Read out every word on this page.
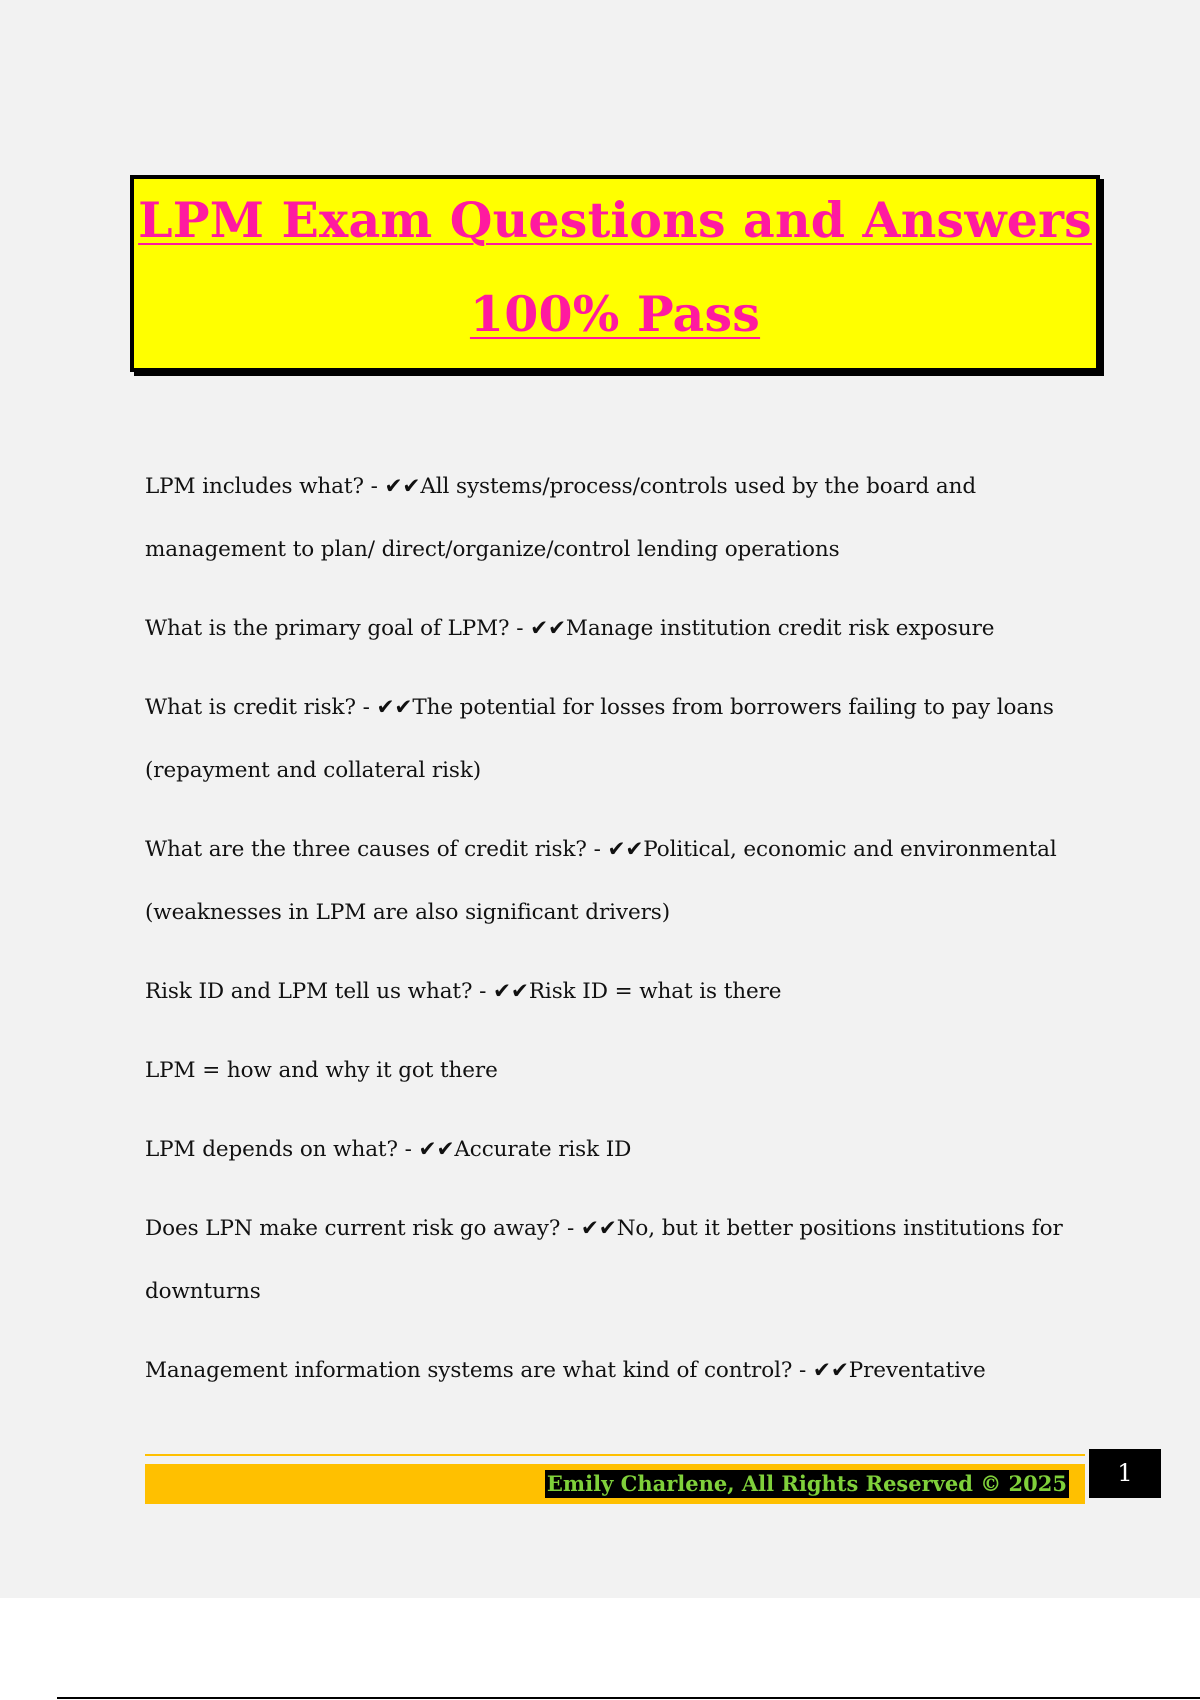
LPM Exam Questions and Answers
100% Pass
LPM includes what? - ✔✔All systems/process/controls used by the board and management to plan/ direct/organize/control lending operations
What is the primary goal of LPM? - ✔✔Manage institution credit risk exposure
What is credit risk? - ✔✔The potential for losses from borrowers failing to pay loans (repayment and collateral risk)
What are the three causes of credit risk? - ✔✔Political, economic and environmental (weaknesses in LPM are also significant drivers)
Risk ID and LPM tell us what? - ✔✔Risk ID = what is there
LPM = how and why it got there
LPM depends on what? - ✔✔Accurate risk ID
Does LPN make current risk go away? - ✔✔No, but it better positions institutions for downturns
Management information systems are what kind of control? - ✔✔Preventative
Emily Charlene, All Rights Reserved © 2025	1
